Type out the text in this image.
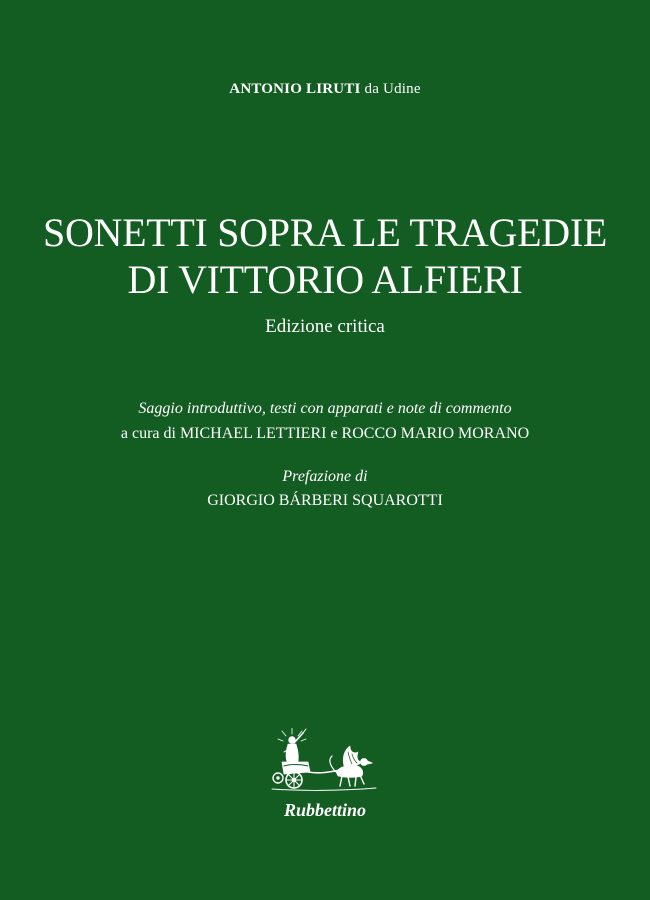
ANTONIO LIRUTI da Udine
SONETTI SOPRA LE TRAGEDIE
DI VITTORIO ALFIERI
Edizione critica
Saggio introduttivo, testi con apparati e note di commento
a cura di MICHAEL LETTIERI e ROCCO MARIO MORANO
Prefazione di
GIORGIO BÁRBERI SQUAROTTI
Rubbettino
